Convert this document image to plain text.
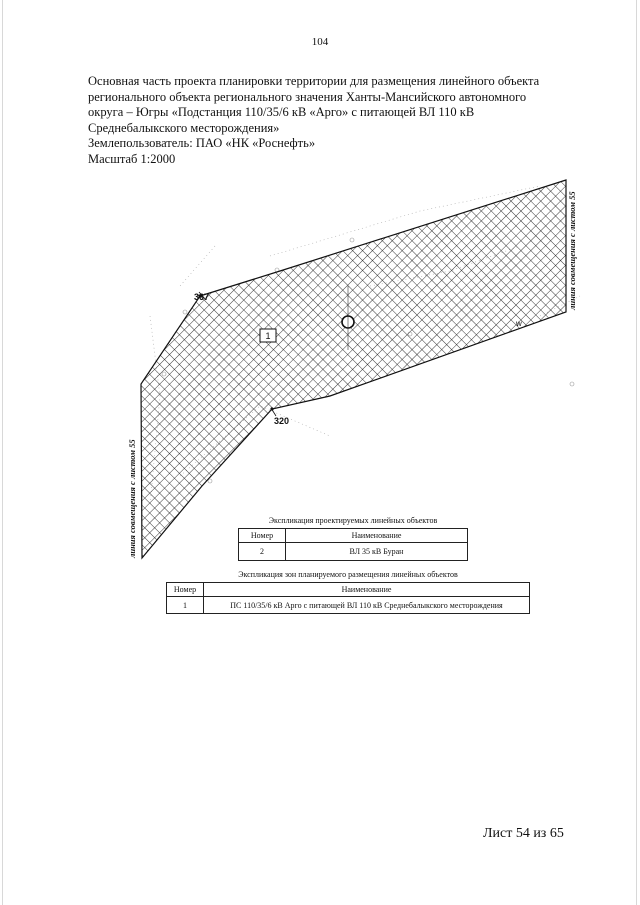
104

Основная часть проекта планировки территории для размещения линейного объекта

регионального объекта регионального значения Ханты-Мансийского автономного

округа – Югры «Подстанция 110/35/6 кВ «Арго» с питающей ВЛ 110 кВ

Среднебалыкского месторождения»

Землепользователь: ПАО «НК «Роснефть»

Масштаб 1:2000

367
320
1
w
линия совмещения с листом 55
линия совмещения с листом 55
Экспликация проектируемых линейных объектов
Номер	Наименование
2	ВЛ 35 кВ Буран
Экспликация зон планируемого размещения линейных объектов
Номер	Наименование
1	ПС 110/35/6 кВ Арго с питающей ВЛ 110 кВ Среднебалыкского месторождения
Лист 54 из 65
